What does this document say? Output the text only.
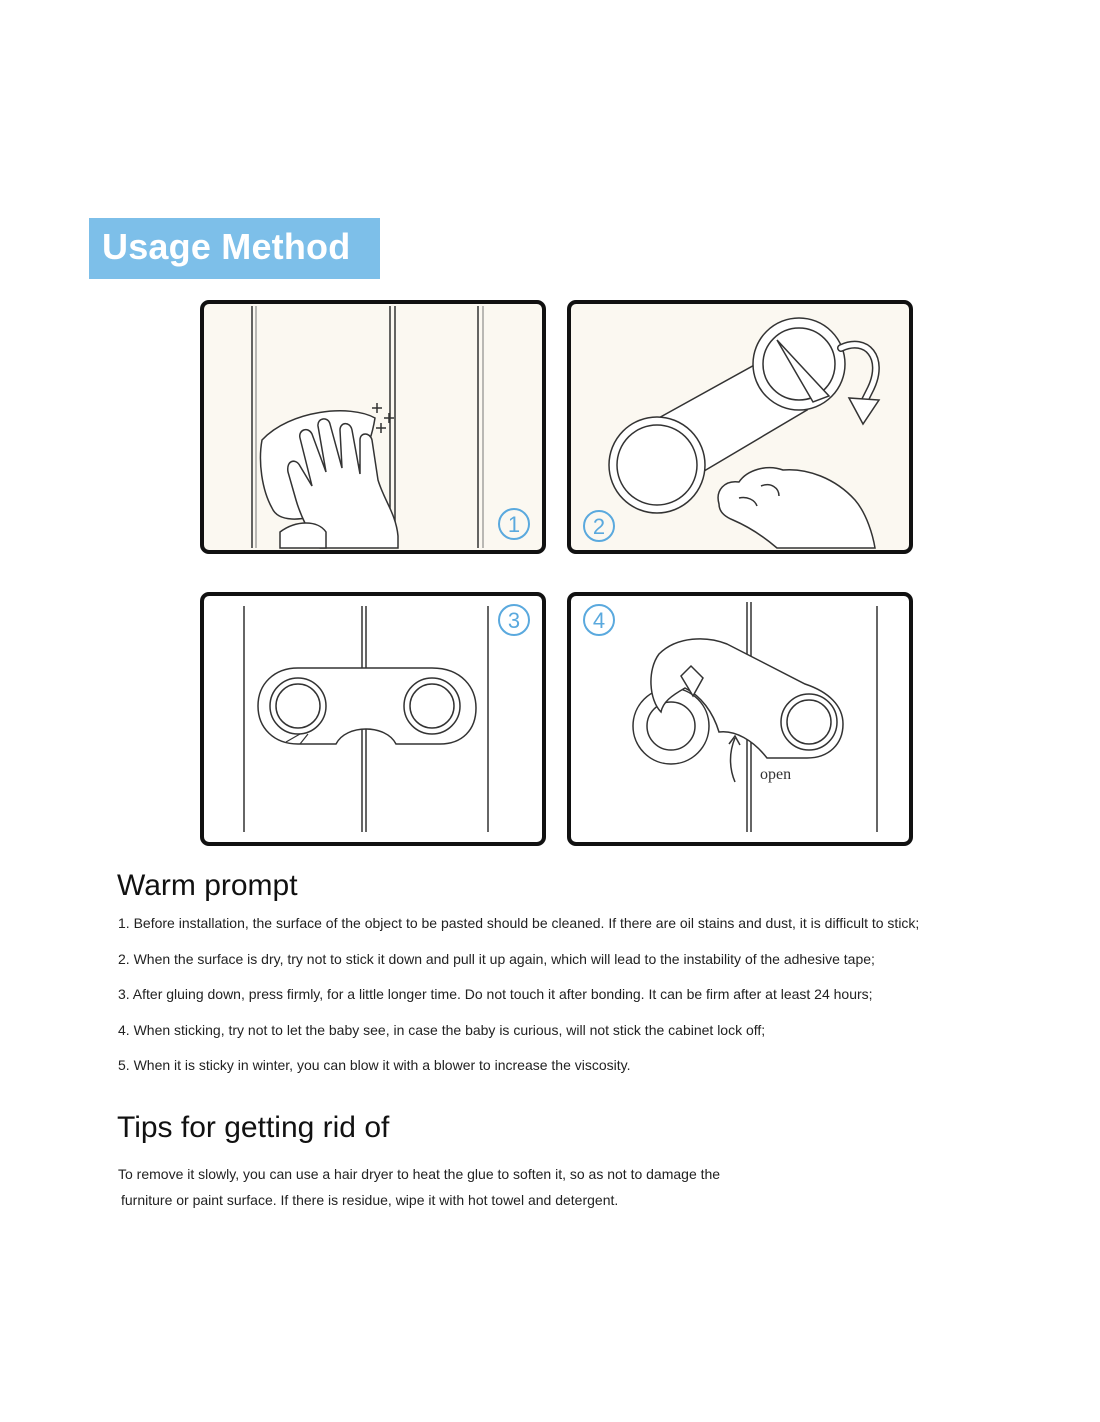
Usage Method
1	2
3
open
4
Warm prompt
1. Before installation, the surface of the object to be pasted should be cleaned. If there are oil stains and dust, it is difficult to stick;
2. When the surface is dry, try not to stick it down and pull it up again, which will lead to the instability of the adhesive tape;
3. After gluing down, press firmly, for a little longer time. Do not touch it after bonding. It can be firm after at least 24 hours;
4. When sticking, try not to let the baby see, in case the baby is curious, will not stick the cabinet lock off;
5. When it is sticky in winter, you can blow it with a blower to increase the viscosity.
Tips for getting rid of

To remove it slowly, you can use a hair dryer to heat the glue to soften it, so as not to damage the
furniture or paint surface. If there is residue, wipe it with hot towel and detergent.
